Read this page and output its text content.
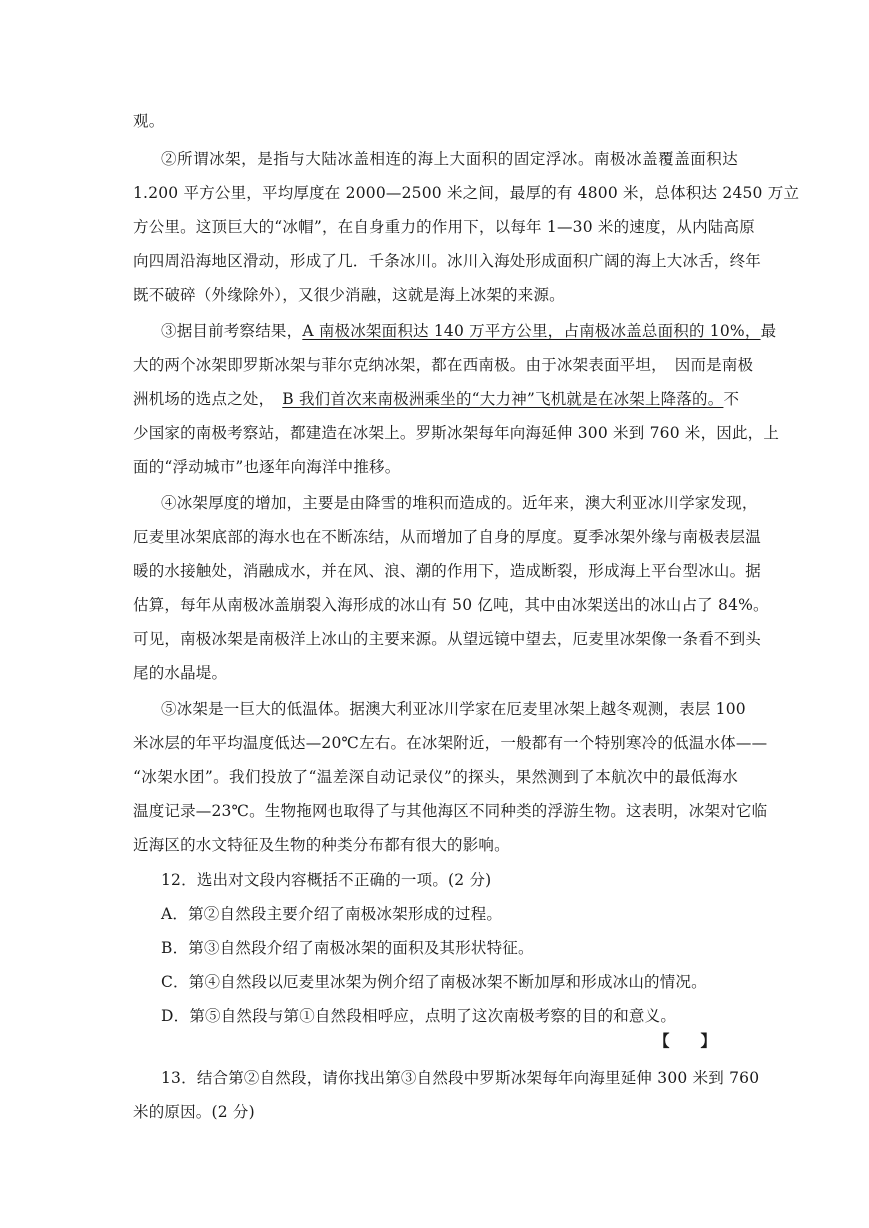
观。
②所谓冰架，是指与大陆冰盖相连的海上大面积的固定浮冰。南极冰盖覆盖面积达
1.200 平方公里，平均厚度在 2000—2500 米之间，最厚的有 4800 米，总体积达 2450 万立
方公里。这顶巨大的“冰帽”，在自身重力的作用下，以每年 1—30 米的速度，从内陆高原
向四周沿海地区滑动，形成了几．千条冰川。冰川入海处形成面积广阔的海上大冰舌，终年
既不破碎（外缘除外），又很少消融，这就是海上冰架的来源。
③据目前考察结果，A 南极冰架面积达 140 万平方公里，占南极冰盖总面积的 10%，最
大的两个冰架即罗斯冰架与菲尔克纳冰架，都在西南极。由于冰架表面平坦，　因而是南极
洲机场的选点之处，　B 我们首次来南极洲乘坐的“大力神”飞机就是在冰架上降落的。不
少国家的南极考察站，都建造在冰架上。罗斯冰架每年向海延伸 300 米到 760 米，因此，上
面的“浮动城市”也逐年向海洋中推移。
④冰架厚度的增加，主要是由降雪的堆积而造成的。近年来，澳大利亚冰川学家发现，
厄麦里冰架底部的海水也在不断冻结，从而增加了自身的厚度。夏季冰架外缘与南极表层温
暖的水接触处，消融成水，并在风、浪、潮的作用下，造成断裂，形成海上平台型冰山。据
估算，每年从南极冰盖崩裂入海形成的冰山有 50 亿吨，其中由冰架送出的冰山占了 84%。
可见，南极冰架是南极洋上冰山的主要来源。从望远镜中望去，厄麦里冰架像一条看不到头
尾的水晶堤。
⑤冰架是一巨大的低温体。据澳大利亚冰川学家在厄麦里冰架上越冬观测，表层 100
米冰层的年平均温度低达—20℃左右。在冰架附近，一般都有一个特别寒冷的低温水体——
“冰架水团”。我们投放了“温差深自动记录仪”的探头，果然测到了本航次中的最低海水
温度记录—23℃。生物拖网也取得了与其他海区不同种类的浮游生物。这表明，冰架对它临
近海区的水文特征及生物的种类分布都有很大的影响。
12．选出对文段内容概括不正确的一项。(2 分)
A．第②自然段主要介绍了南极冰架形成的过程。
B．第③自然段介绍了南极冰架的面积及其形状特征。
C．第④自然段以厄麦里冰架为例介绍了南极冰架不断加厚和形成冰山的情况。
D．第⑤自然段与第①自然段相呼应，点明了这次南极考察的目的和意义。
【　　】
13．结合第②自然段，请你找出第③自然段中罗斯冰架每年向海里延伸 300 米到 760
米的原因。(2 分)
